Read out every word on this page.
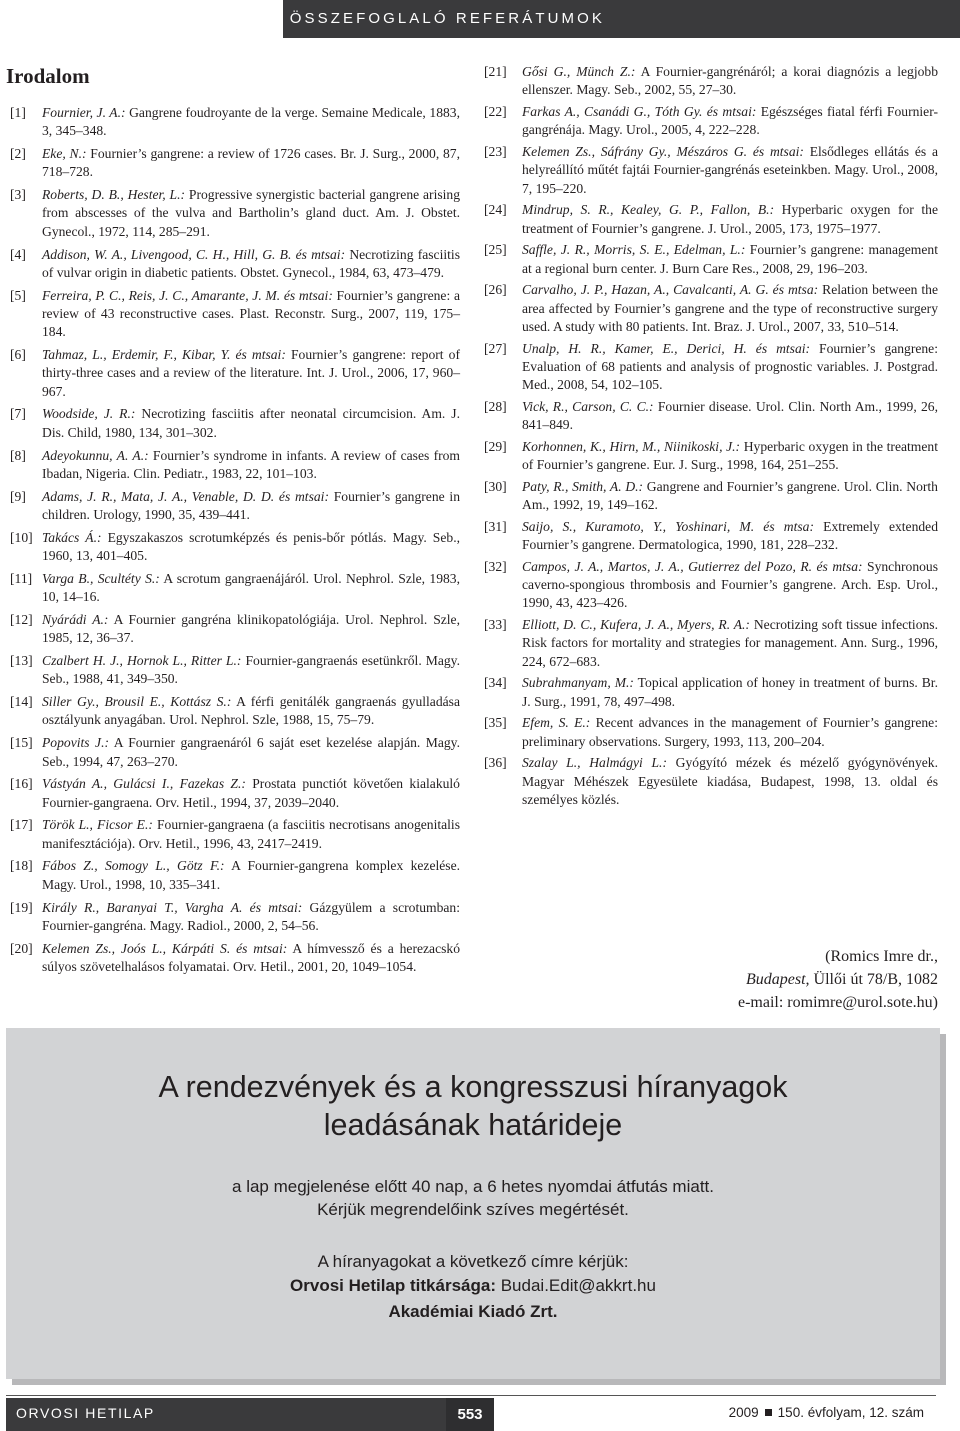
ÖSSZEFOGLALÓ REFERÁTUMOK
Irodalom
[1] Fournier, J. A.: Gangrene foudroyante de la verge. Semaine Medicale, 1883, 3, 345–348.
[2] Eke, N.: Fournier’s gangrene: a review of 1726 cases. Br. J. Surg., 2000, 87, 718–728.
[3] Roberts, D. B., Hester, L.: Progressive synergistic bacterial gangrene arising from abscesses of the vulva and Bartholin’s gland duct. Am. J. Obstet. Gynecol., 1972, 114, 285–291.
[4] Addison, W. A., Livengood, C. H., Hill, G. B. és mtsai: Necrotizing fasciitis of vulvar origin in diabetic patients. Obstet. Gynecol., 1984, 63, 473–479.
[5] Ferreira, P. C., Reis, J. C., Amarante, J. M. és mtsai: Fournier’s gangrene: a review of 43 reconstructive cases. Plast. Reconstr. Surg., 2007, 119, 175–184.
[6] Tahmaz, L., Erdemir, F., Kibar, Y. és mtsai: Fournier’s gangrene: report of thirty-three cases and a review of the literature. Int. J. Urol., 2006, 17, 960–967.
[7] Woodside, J. R.: Necrotizing fasciitis after neonatal circumcision. Am. J. Dis. Child, 1980, 134, 301–302.
[8] Adeyokunnu, A. A.: Fournier’s syndrome in infants. A review of cases from Ibadan, Nigeria. Clin. Pediatr., 1983, 22, 101–103.
[9] Adams, J. R., Mata, J. A., Venable, D. D. és mtsai: Fournier’s gangrene in children. Urology, 1990, 35, 439–441.
[10] Takács Á.: Egyszakaszos scrotumképzés és penis-bőr pótlás. Magy. Seb., 1960, 13, 401–405.
[11] Varga B., Scultéty S.: A scrotum gangraenájáról. Urol. Nephrol. Szle, 1983, 10, 14–16.
[12] Nyárádi A.: A Fournier gangréna klinikopatológiája. Urol. Nephrol. Szle, 1985, 12, 36–37.
[13] Czalbert H. J., Hornok L., Ritter L.: Fournier-gangraenás esetünkről. Magy. Seb., 1988, 41, 349–350.
[14] Siller Gy., Brousil E., Kottász S.: A férfi genitálék gangraenás gyulladása osztályunk anyagában. Urol. Nephrol. Szle, 1988, 15, 75–79.
[15] Popovits J.: A Fournier gangraenáról 6 saját eset kezelése alapján. Magy. Seb., 1994, 47, 263–270.
[16] Vástyán A., Gulácsi I., Fazekas Z.: Prostata punctiót követően kialakuló Fournier-gangraena. Orv. Hetil., 1994, 37, 2039–2040.
[17] Török L., Ficsor E.: Fournier-gangraena (a fasciitis necrotisans anogenitalis manifesztációja). Orv. Hetil., 1996, 43, 2417–2419.
[18] Fábos Z., Somogy L., Götz F.: A Fournier-gangrena komplex kezelése. Magy. Urol., 1998, 10, 335–341.
[19] Király R., Baranyai T., Vargha A. és mtsai: Gázgyülem a scrotumban: Fournier-gangréna. Magy. Radiol., 2000, 2, 54–56.
[20] Kelemen Zs., Joós L., Kárpáti S. és mtsai: A hímvessző és a herezacskó súlyos szövetelhalásos folyamatai. Orv. Hetil., 2001, 20, 1049–1054.
[21] Gősi G., Münch Z.: A Fournier-gangrénáról; a korai diagnózis a legjobb ellenszer. Magy. Seb., 2002, 55, 27–30.
[22] Farkas A., Csanádi G., Tóth Gy. és mtsai: Egészséges fiatal férfi Fournier-gangrénája. Magy. Urol., 2005, 4, 222–228.
[23] Kelemen Zs., Sáfrány Gy., Mészáros G. és mtsai: Elsődleges ellátás és a helyreállító műtét fajtái Fournier-gangrénás eseteinkben. Magy. Urol., 2008, 7, 195–220.
[24] Mindrup, S. R., Kealey, G. P., Fallon, B.: Hyperbaric oxygen for the treatment of Fournier’s gangrene. J. Urol., 2005, 173, 1975–1977.
[25] Saffle, J. R., Morris, S. E., Edelman, L.: Fournier’s gangrene: management at a regional burn center. J. Burn Care Res., 2008, 29, 196–203.
[26] Carvalho, J. P., Hazan, A., Cavalcanti, A. G. és mtsa: Relation between the area affected by Fournier’s gangrene and the type of reconstructive surgery used. A study with 80 patients. Int. Braz. J. Urol., 2007, 33, 510–514.
[27] Unalp, H. R., Kamer, E., Derici, H. és mtsai: Fournier’s gangrene: Evaluation of 68 patients and analysis of prognostic variables. J. Postgrad. Med., 2008, 54, 102–105.
[28] Vick, R., Carson, C. C.: Fournier disease. Urol. Clin. North Am., 1999, 26, 841–849.
[29] Korhonnen, K., Hirn, M., Niinikoski, J.: Hyperbaric oxygen in the treatment of Fournier’s gangrene. Eur. J. Surg., 1998, 164, 251–255.
[30] Paty, R., Smith, A. D.: Gangrene and Fournier’s gangrene. Urol. Clin. North Am., 1992, 19, 149–162.
[31] Saijo, S., Kuramoto, Y., Yoshinari, M. és mtsa: Extremely extended Fournier’s gangrene. Dermatologica, 1990, 181, 228–232.
[32] Campos, J. A., Martos, J. A., Gutierrez del Pozo, R. és mtsa: Synchronous caverno-spongious thrombosis and Fournier’s gangrene. Arch. Esp. Urol., 1990, 43, 423–426.
[33] Elliott, D. C., Kufera, J. A., Myers, R. A.: Necrotizing soft tissue infections. Risk factors for mortality and strategies for management. Ann. Surg., 1996, 224, 672–683.
[34] Subrahmanyam, M.: Topical application of honey in treatment of burns. Br. J. Surg., 1991, 78, 497–498.
[35] Efem, S. E.: Recent advances in the management of Fournier’s gangrene: preliminary observations. Surgery, 1993, 113, 200–204.
[36] Szalay L., Halmágyi L.: Gyógyító mézek és mézelő gyógynövények. Magyar Méhészek Egyesülete kiadása, Budapest, 1998, 13. oldal és személyes közlés.
(Romics Imre dr.,
Budapest, Üllői út 78/B, 1082
e-mail: romimre@urol.sote.hu)
A rendezvények és a kongresszusi híranyagok
leadásának határideje
a lap megjelenése előtt 40 nap, a 6 hetes nyomdai átfutás miatt.
Kérjük megrendelőink szíves megértését.
A híranyagokat a következő címre kérjük:
Orvosi Hetilap titkársága: Budai.Edit@akkrt.hu
Akadémiai Kiadó Zrt.
ORVOSI HETILAP	553	2009 150. évfolyam, 12. szám
